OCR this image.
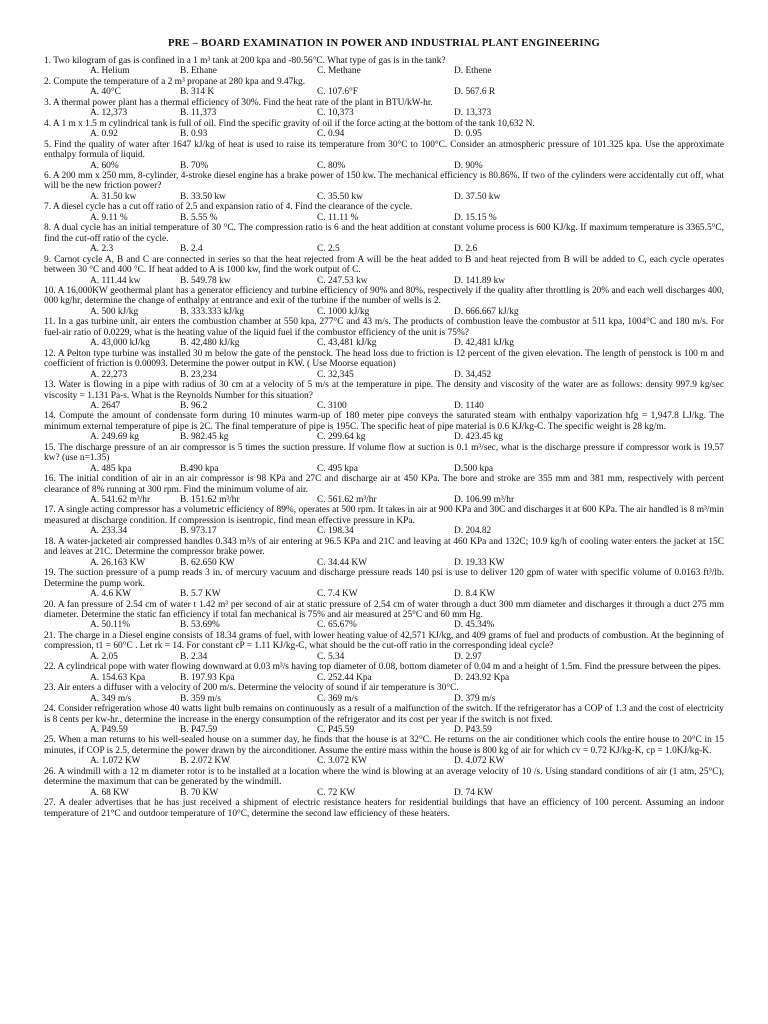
PRE – BOARD EXAMINATION IN POWER AND INDUSTRIAL PLANT ENGINEERING
1. Two kilogram of gas is confined in a 1 m³ tank at 200 kpa and -80.56°C. What type of gas is in the tank?
A. Helium	B. Ethane	C. Methane	D. Ethene
2. Compute the temperature of a 2 m³ propane at 280 kpa and 9.47kg.
A. 40°C	B. 314 K	C. 107.6°F	D. 567.6 R
3. A thermal power plant has a thermal efficiency of 30%. Find the heat rate of the plant in BTU/kW-hr.
A. 12,373	B. 11,373	C. 10,373	D. 13,373
4. A 1 m x 1.5 m cylindrical tank is full of oil. Find the specific gravity of oil if the force acting at the bottom of the tank 10,632 N.
A. 0.92	B. 0.93	C. 0.94	D. 0.95
5. Find the quality of water after 1647 kJ/kg of heat is used to raise its temperature from 30°C to 100°C. Consider an atmospheric pressure of 101.325 kpa. Use the approximate enthalpy formula of liquid.
A. 60%	B. 70%	C. 80%	D. 90%
6. A 200 mm x 250 mm, 8-cylinder, 4-stroke diesel engine has a brake power of 150 kw. The mechanical efficiency is 80.86%. If two of the cylinders were accidentally cut off, what will be the new friction power?
A. 31.50 kw	B. 33.50 kw	C. 35.50 kw	D. 37.50 kw
7. A diesel cycle has a cut off ratio of 2.5 and expansion ratio of 4. Find the clearance of the cycle.
A. 9.11 %	B. 5.55 %	C. 11.11 %	D. 15.15 %
8. A dual cycle has an initial temperature of 30 °C. The compression ratio is 6 and the heat addition at constant volume process is 600 KJ/kg. If maximum temperature is 3365.5°C, find the cut-off ratio of the cycle.
A. 2.3	B. 2.4	C. 2.5	D. 2.6
9. Carnot cycle A, B and C are connected in series so that the heat rejected from A will be the heat added to B and heat rejected from B will be added to C, each cycle operates between 30 °C and 400 °C. If heat added to A is 1000 kw, find the work output of C.
A. 111.44 kw	B. 549.78 kw	C. 247.53 kw	D. 141.89 kw
10. A 16,000KW geothermal plant has a generator efficiency and turbine efficiency of 90% and 80%, respectively if the quality after throttling is 20% and each well discharges 400, 000 kg/hr, determine the change of enthalpy at entrance and exit of the turbine if the number of wells is 2.
A. 500 kJ/kg	B. 333.333 kJ/kg	C. 1000 kJ/kg	D. 666.667 kJ/kg
11. In a gas turbine unit, air enters the combustion chamber at 550 kpa, 277°C and 43 m/s. The products of combustion leave the combustor at 511 kpa, 1004°C and 180 m/s. For fuel-air ratio of 0.0229, what is the heating value of the liquid fuel if the combustor efficiency of the unit is 75%?
A. 43,000 kJ/kg	B. 42,480 kJ/kg	C. 43,481 kJ/kg	D. 42,481 kJ/kg
12. A Pelton type turbine was installed 30 m below the gate of the penstock. The head loss due to friction is 12 percent of the given elevation. The length of penstock is 100 m and coefficient of friction is 0.00093. Determine the power output in KW. ( Use Moorse equation)
A. 22,273	B. 23,234	C. 32,345	D. 34,452
13. Water is flowing in a pipe with radius of 30 cm at a velocity of 5 m/s at the temperature in pipe. The density and viscosity of the water are as follows: density 997.9 kg/sec viscosity = 1.131 Pa-s. What is the Reynolds Number for this situation?
A. 2647	B. 96.2	C. 3100	D. 1140
14. Compute the amount of condensate form during 10 minutes warm-up of 180 meter pipe conveys the saturated steam with enthalpy vaporization hfg = 1,947.8 LJ/kg. The minimum external temperature of pipe is 2C. The final temperature of pipe is 195C. The specific heat of pipe material is 0.6 KJ/kg-C. The specific weight is 28 kg/m.
A. 249.69 kg	B. 982.45 kg	C. 299.64 kg	D. 423.45 kg
15. The discharge pressure of an air compressor is 5 times the suction pressure. If volume flow at suction is 0.1 m³/sec, what is the discharge pressure if compressor work is 19.57 kw? (use n=1.35)
A. 485 kpa	B.490 kpa	C. 495 kpa	D.500 kpa
16. The initial condition of air in an air compressor is 98 KPa and 27C and discharge air at 450 KPa. The bore and stroke are 355 mm and 381 mm, respectively with percent clearance of 8% running at 300 rpm. Find the minimum volume of air.
A. 541.62 m³/hr	B. 151.62 m³/hr	C. 561.62 m³/hr	D. 106.99 m³/hr
17. A single acting compressor has a volumetric efficiency of 89%, operates at 500 rpm. It takes in air at 900 KPa and 30C and discharges it at 600 KPa. The air handled is 8 m³/min measured at discharge condition. If compression is isentropic, find mean effective pressure in KPa.
A. 233.34	B. 973.17	C. 198.34	D. 204.82
18. A water-jacketed air compressed handles 0.343 m³/s of air entering at 96.5 KPa and 21C and leaving at 460 KPa and 132C; 10.9 kg/h of cooling water enters the jacket at 15C and leaves at 21C. Determine the compressor brake power.
A. 26.163 KW	B. 62.650 KW	C. 34.44 KW	D. 19.33 KW
19. The suction pressure of a pump reads 3 in. of mercury vacuum and discharge pressure reads 140 psi is use to deliver 120 gpm of water with specific volume of 0.0163 ft³/lb. Determine the pump work.
A. 4.6 KW	B. 5.7 KW	C. 7.4 KW	D. 8.4 KW
20. A fan pressure of 2.54 cm of water t 1.42 m³ per second of air at static pressure of 2.54 cm of water through a duct 300 mm diameter and discharges it through a duct 275 mm diameter. Determine the static fan efficiency if total fan mechanical is 75% and air measured at 25°C and 60 mm Hg.
A. 50.11%	B. 53.69%	C. 65.67%	D. 45.34%
21. The charge in a Diesel engine consists of 18.34 grams of fuel, with lower heating value of 42,571 KJ/kg, and 409 grams of fuel and products of combustion. At the beginning of compression, t1 = 60°C . Let rk = 14. For constant cP = 1.11 KJ/kg-C, what should be the cut-off ratio in the corresponding ideal cycle?
A. 2.05	B. 2.34	C. 5.34	D. 2.97
22. A cylindrical pope with water flowing downward at 0.03 m³/s having top diameter of 0.08, bottom diameter of 0.04 m and a height of 1.5m. Find the pressure between the pipes.
A. 154.63 Kpa	B. 197.93 Kpa	C. 252.44 Kpa	D. 243.92 Kpa
23. Air enters a diffuser with a velocity of 200 m/s. Determine the velocity of sound if air temperature is 30°C.
A. 349 m/s	B. 359 m/s	C. 369 m/s	D. 379 m/s
24. Consider refrigeration whose 40 watts light bulb remains on continuously as a result of a malfunction of the switch. If the refrigerator has a COP of 1.3 and the cost of electricity is 8 cents per kw-hr., determine the increase in the energy consumption of the refrigerator and its cost per year if the switch is not fixed.
A. P49.59	B. P47.59	C. P45.59	D. P43.59
25. When a man returns to his well-sealed house on a summer day, he finds that the house is at 32°C. He returns on the air conditioner which cools the entire house to 20°C in 15 minutes, if COP is 2.5, determine the power drawn by the airconditioner. Assume the entire mass within the house is 800 kg of air for which cv = 0.72 KJ/kg-K, cp = 1.0KJ/kg-K.
A. 1.072 KW	B. 2.072 KW	C. 3.072 KW	D. 4.072 KW
26. A windmill with a 12 m diameter rotor is to be installed at a location where the wind is blowing at an average velocity of 10 /s. Using standard conditions of air (1 atm, 25°C), determine the maximum that can be generated by the windmill.
A. 68 KW	B. 70 KW	C. 72 KW	D. 74 KW
27. A dealer advertises that he has just received a shipment of electric resistance heaters for residential buildings that have an efficiency of 100 percent. Assuming an indoor temperature of 21°C and outdoor temperature of 10°C, determine the second law efficiency of these heaters.
